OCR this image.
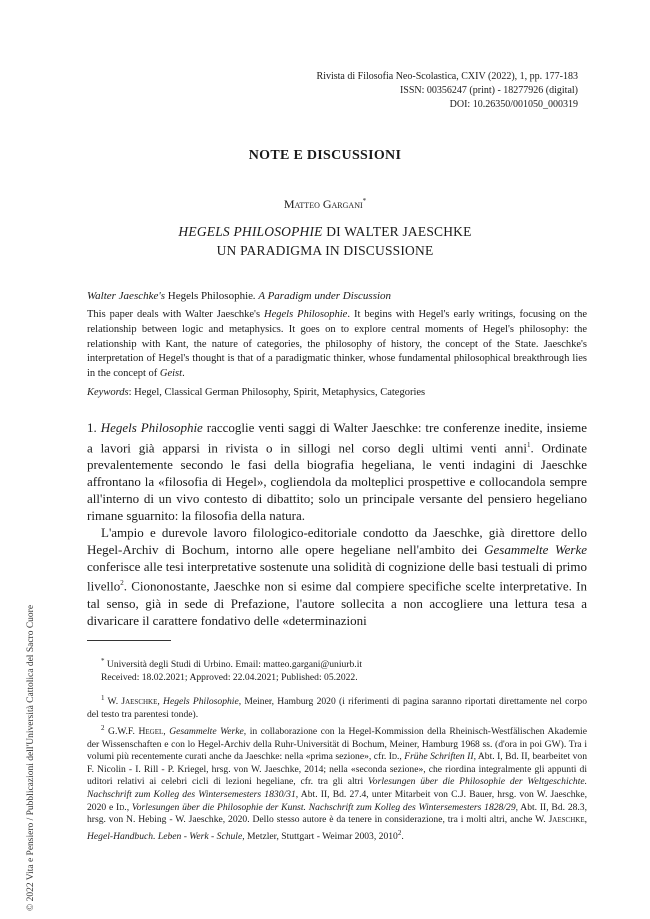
Rivista di Filosofia Neo-Scolastica, CXIV (2022), 1, pp. 177-183
ISSN: 00356247 (print) - 18277926 (digital)
DOI: 10.26350/001050_000319
NOTE E DISCUSSIONI
Matteo Gargani*
HEGELS PHILOSOPHIE DI WALTER JAESCHKE
UN PARADIGMA IN DISCUSSIONE
Walter Jaeschke's Hegels Philosophie. A Paradigm under Discussion
This paper deals with Walter Jaeschke's Hegels Philosophie. It begins with Hegel's early writings, focusing on the relationship between logic and metaphysics. It goes on to explore central moments of Hegel's philosophy: the relationship with Kant, the nature of categories, the philosophy of history, the concept of the State. Jaeschke's interpretation of Hegel's thought is that of a paradigmatic thinker, whose fundamental philosophical breakthrough lies in the concept of Geist.
Keywords: Hegel, Classical German Philosophy, Spirit, Metaphysics, Categories

1. Hegels Philosophie raccoglie venti saggi di Walter Jaeschke: tre conferenze inedite, insieme a lavori già apparsi in rivista o in sillogi nel corso degli ultimi venti anni$^1$. Ordinate prevalentemente secondo le fasi della biografia hegeliana, le venti indagini di Jaeschke affrontano la «filosofia di Hegel», cogliendola da molteplici prospettive e collocandola sempre all'interno di un vivo contesto di dibattito; solo un principale versante del pensiero hegeliano rimane sguarnito: la filosofia della natura.

L'ampio e durevole lavoro filologico-editoriale condotto da Jaeschke, già direttore dello Hegel-Archiv di Bochum, intorno alle opere hegeliane nell'ambito dei Gesammelte Werke conferisce alle tesi interpretative sostenute una solidità di cognizione delle basi testuali di primo livello$^2$. Ciononostante, Jaeschke non si esime dal compiere specifiche scelte interpretative. In tal senso, già in sede di Prefazione, l'autore sollecita a non accogliere una lettura tesa a divaricare il carattere fondativo delle «determinazioni

* Università degli Studi di Urbino. Email: matteo.gargani@uniurb.it

Received: 18.02.2021; Approved: 22.04.2021; Published: 05.2022.

$^1$ W. Jaeschke, Hegels Philosophie, Meiner, Hamburg 2020 (i riferimenti di pagina saranno riportati direttamente nel corpo del testo tra parentesi tonde).

$^2$ G.W.F. Hegel, Gesammelte Werke, in collaborazione con la Hegel-Kommission della Rheinisch-Westfälischen Akademie der Wissenschaften e con lo Hegel-Archiv della Ruhr-Universität di Bochum, Meiner, Hamburg 1968 ss. (d'ora in poi GW). Tra i volumi più recentemente curati anche da Jaeschke: nella «prima sezione», cfr. Id., Frühe Schriften II, Abt. I, Bd. II, bearbeitet von F. Nicolin - I. Rill - P. Kriegel, hrsg. von W. Jaeschke, 2014; nella «seconda sezione», che riordina integralmente gli appunti di uditori relativi ai celebri cicli di lezioni hegeliane, cfr. tra gli altri Vorlesungen über die Philosophie der Weltgeschichte. Nachschrift zum Kolleg des Wintersemesters 1830/31, Abt. II, Bd. 27.4, unter Mitarbeit von C.J. Bauer, hrsg. von W. Jaeschke, 2020 e Id., Vorlesungen über die Philosophie der Kunst. Nachschrift zum Kolleg des Wintersemesters 1828/29, Abt. II, Bd. 28.3, hrsg. von N. Hebing - W. Jaeschke, 2020. Dello stesso autore è da tenere in considerazione, tra i molti altri, anche W. Jaeschke, Hegel-Handbuch. Leben - Werk - Schule, Metzler, Stuttgart - Weimar 2003, 2010$^2$.

© 2022 Vita e Pensiero / Pubblicazioni dell'Università Cattolica del Sacro Cuore
